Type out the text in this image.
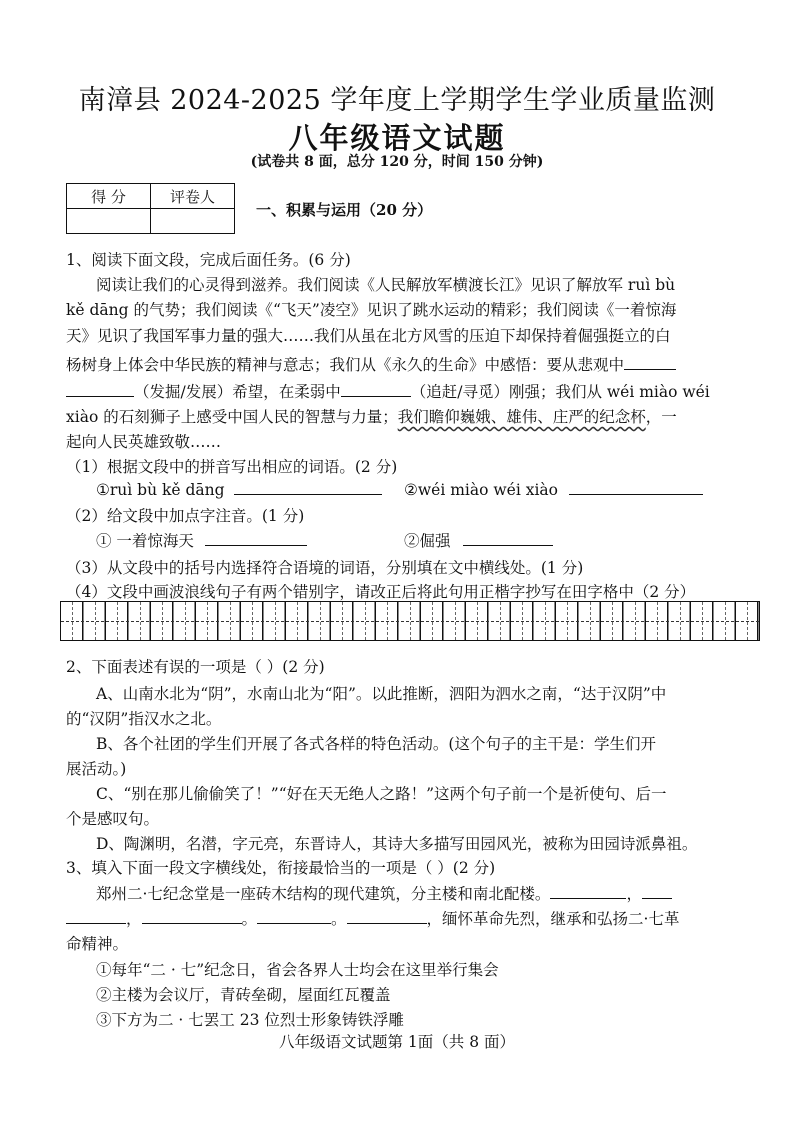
南漳县 2024-2025 学年度上学期学生学业质量监测
八年级语文试题
(试卷共 8 面，总分 120 分，时间 150 分钟)
得 分	评卷人

一、积累与运用（20 分）
1、阅读下面文段，完成后面任务。(6 分)
阅读让我们的心灵得到滋养。我们阅读《人民解放军横渡长江》见识了解放军 ruì bù
kě dāng 的气势；我们阅读《“飞天”凌空》见识了跳水运动的精彩；我们阅读《一着惊海
天》见识了我国军事力量的强大……我们从虽在北方风雪的压迫下却保持着倔强挺立的白
杨树身上体会中华民族的精神与意志；我们从《永久的生命》中感悟：要从悲观中
（发掘/发展）希望，在柔弱中	（追赶/寻觅）刚强；我们从 wéi miào wéi
xiào 的石刻狮子上感受中国人民的智慧与力量；我们瞻仰巍娥、雄伟、庄严的纪念杯，一
起向人民英雄致敬……
（1）根据文段中的拼音写出相应的词语。(2 分)
①ruì bù kě dāng	②wéi miào wéi xiào
（2）给文段中加点字注音。(1 分)
① 一着惊海天	②倔强
（3）从文段中的括号内选择符合语境的词语，分别填在文中横线处。(1 分)
（4）文段中画波浪线句子有两个错别字，请改正后将此句用正楷字抄写在田字格中（2 分）
2、下面表述有误的一项是（ ）(2 分)
A、山南水北为“阴”，水南山北为“阳”。以此推断，泗阳为泗水之南，“达于汉阴”中
的“汉阴”指汉水之北。
B、各个社团的学生们开展了各式各样的特色活动。(这个句子的主干是：学生们开
展活动。)
C、“别在那儿偷偷笑了！”“好在天无绝人之路！”这两个句子前一个是祈使句、后一
个是感叹句。
D、陶渊明，名潜，字元亮，东晋诗人，其诗大多描写田园风光，被称为田园诗派鼻祖。
3、填入下面一段文字横线处，衔接最恰当的一项是（ ）(2 分)
郑州二·七纪念堂是一座砖木结构的现代建筑，分主楼和南北配楼。	，
，	。	。	，缅怀革命先烈，继承和弘扬二·七革
命精神。
①每年“二 · 七”纪念日，省会各界人士均会在这里举行集会
②主楼为会议厅，青砖垒砌，屋面红瓦覆盖
③下方为二 · 七罢工 23 位烈士形象铸铁浮雕
八年级语文试题第 1面（共 8 面）
